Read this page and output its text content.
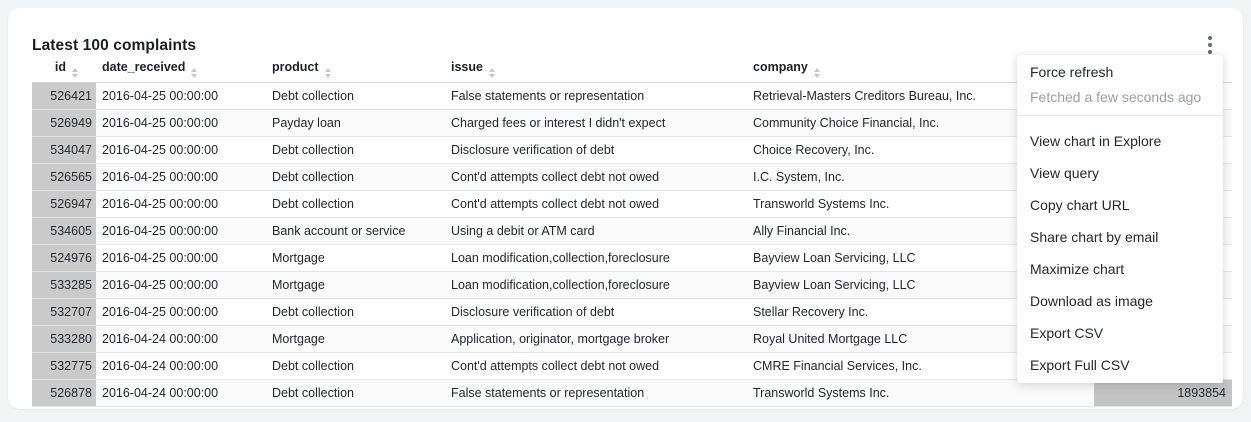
Latest 100 complaints
id	date_received	product	issue	company

526421	2016-04-25 00:00:00	Debt collection	False statements or representation	Retrieval-Masters Creditors Bureau, Inc.	
526949	2016-04-25 00:00:00	Payday loan	Charged fees or interest I didn't expect	Community Choice Financial, Inc.	
534047	2016-04-25 00:00:00	Debt collection	Disclosure verification of debt	Choice Recovery, Inc.	
526565	2016-04-25 00:00:00	Debt collection	Cont'd attempts collect debt not owed	I.C. System, Inc.	
526947	2016-04-25 00:00:00	Debt collection	Cont'd attempts collect debt not owed	Transworld Systems Inc.	
534605	2016-04-25 00:00:00	Bank account or service	Using a debit or ATM card	Ally Financial Inc.	
524976	2016-04-25 00:00:00	Mortgage	Loan modification,collection,foreclosure	Bayview Loan Servicing, LLC	
533285	2016-04-25 00:00:00	Mortgage	Loan modification,collection,foreclosure	Bayview Loan Servicing, LLC	
532707	2016-04-25 00:00:00	Debt collection	Disclosure verification of debt	Stellar Recovery Inc.	
533280	2016-04-24 00:00:00	Mortgage	Application, originator, mortgage broker	Royal United Mortgage LLC	
532775	2016-04-24 00:00:00	Debt collection	Cont'd attempts collect debt not owed	CMRE Financial Services, Inc.	
526878	2016-04-24 00:00:00	Debt collection	False statements or representation	Transworld Systems Inc.	1893854
Force refresh
Fetched a few seconds ago
View chart in Explore
View query
Copy chart URL
Share chart by email
Maximize chart
Download as image
Export CSV
Export Full CSV
